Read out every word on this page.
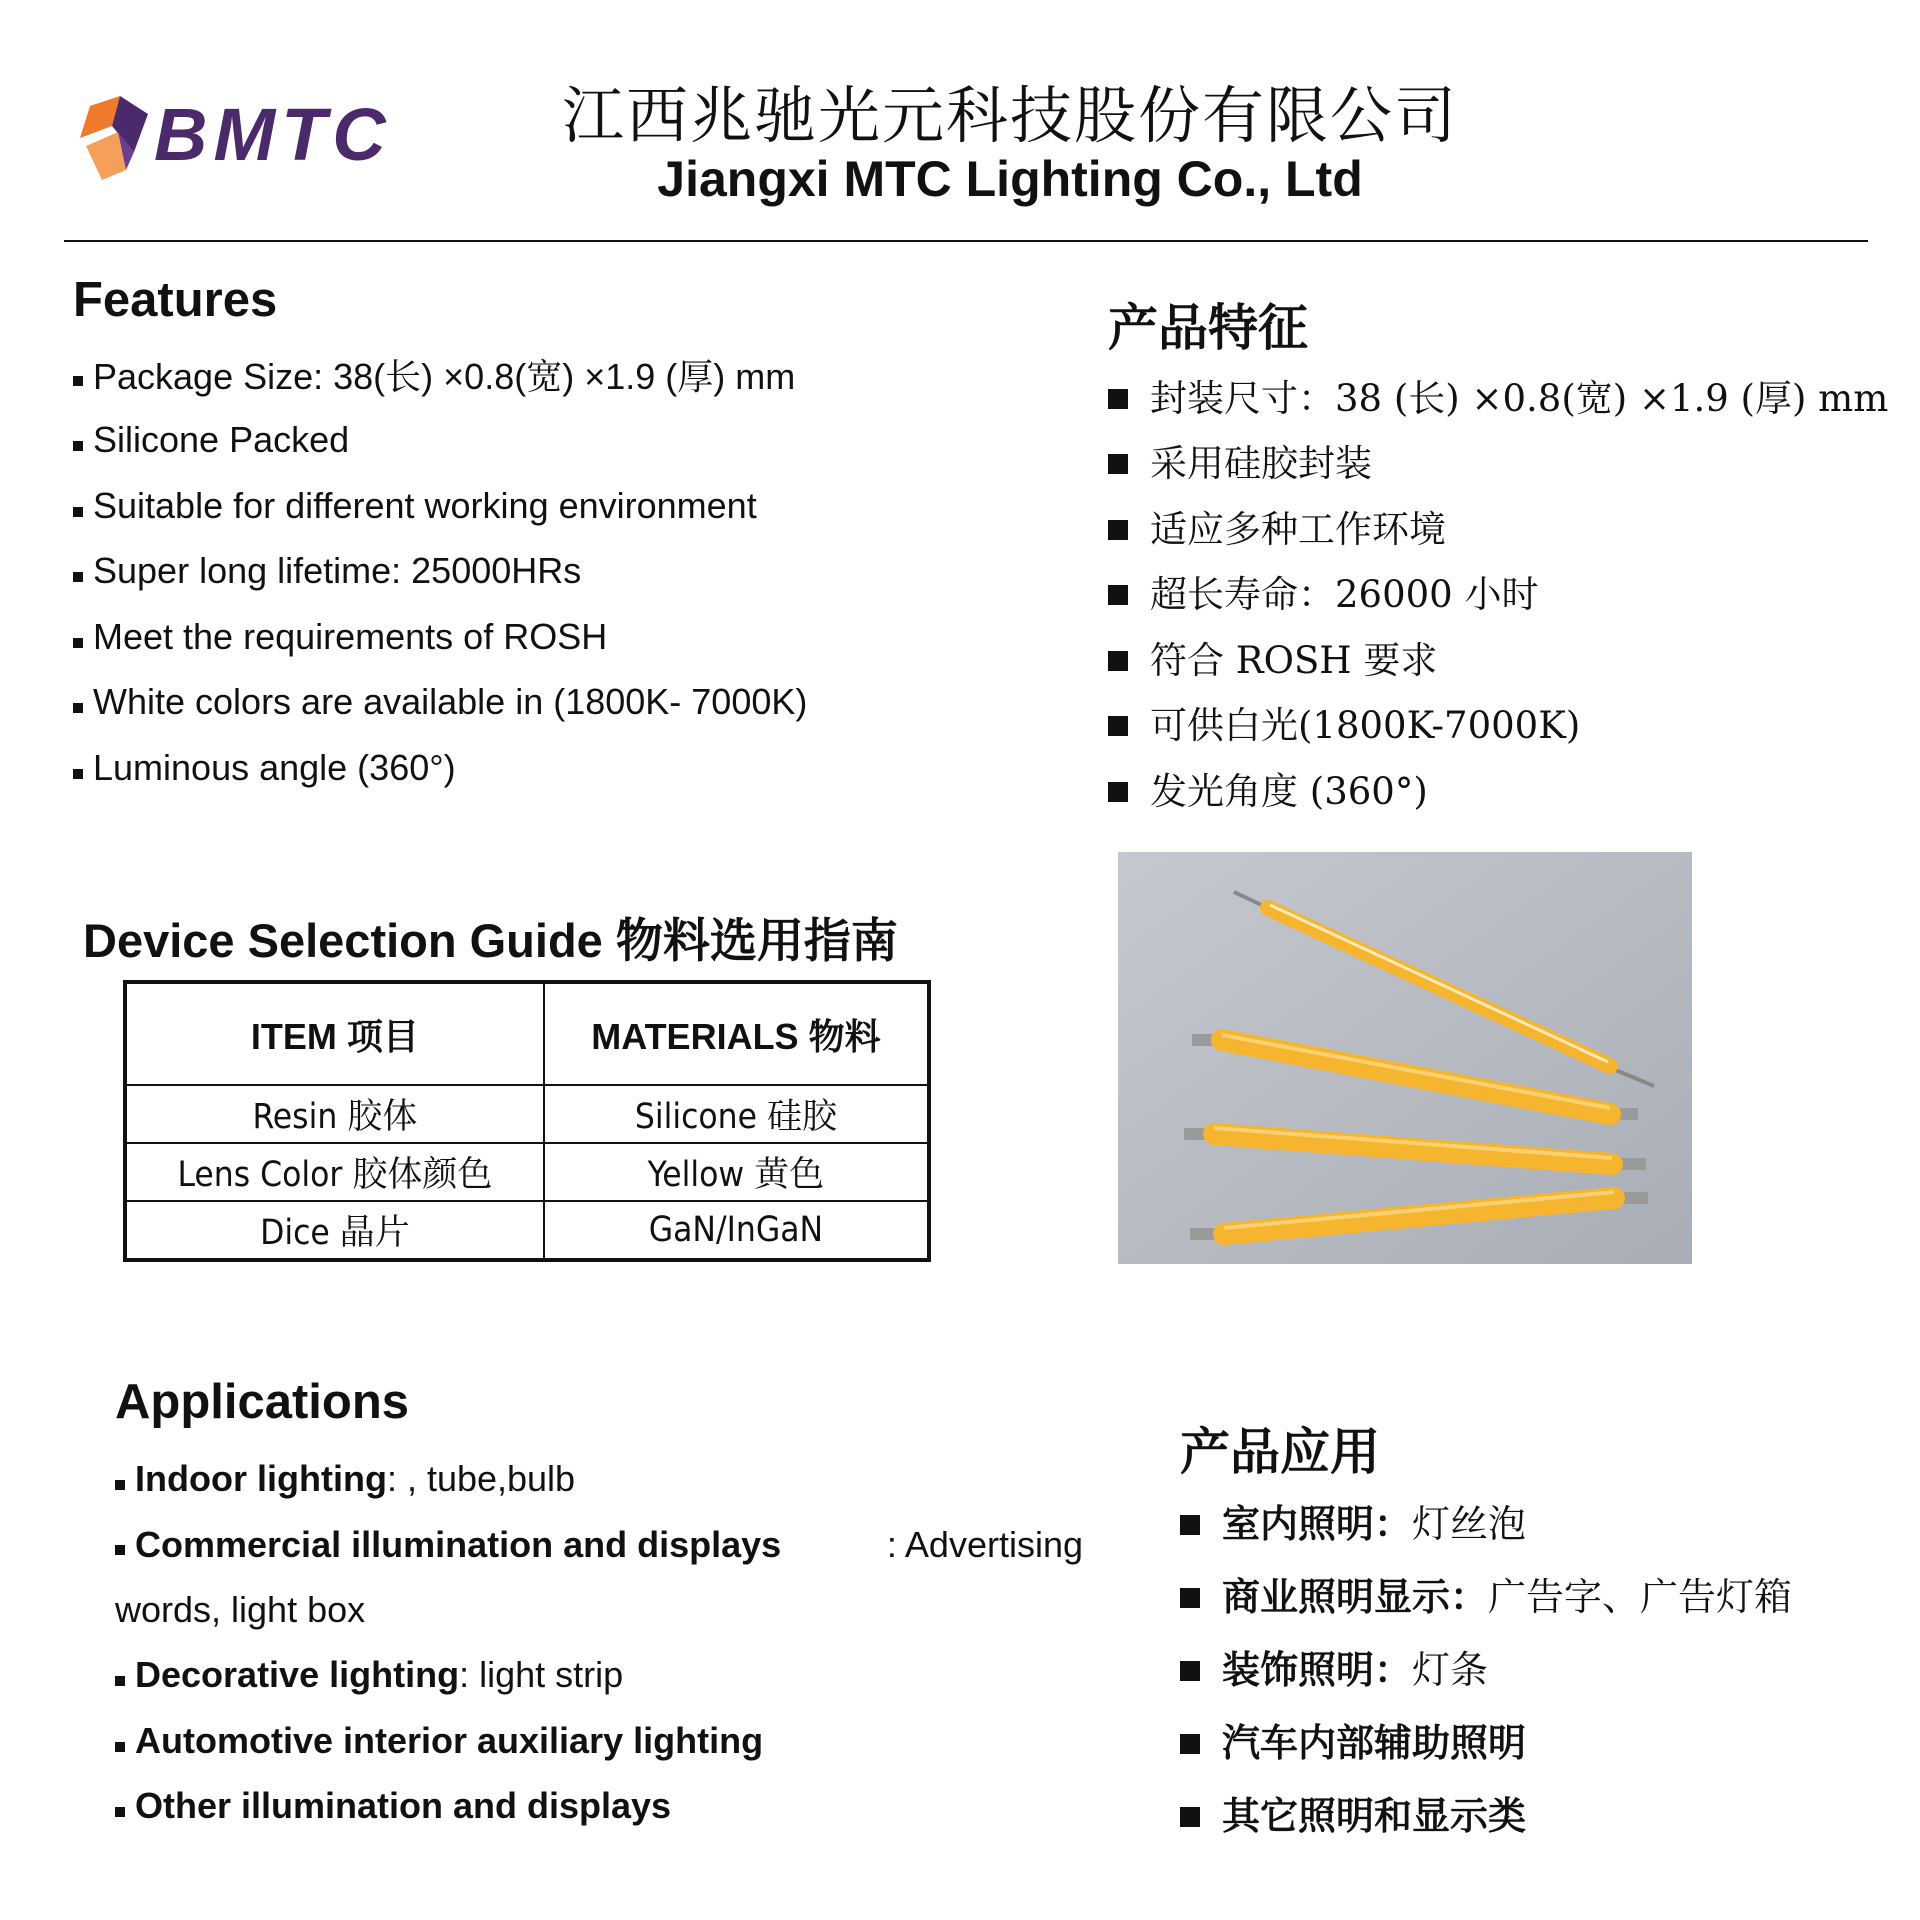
BMTC	江西兆驰光元科技股份有限公司
Jiangxi MTC Lighting Co., Ltd
Features
Package Size: 38(长) ×0.8(宽) ×1.9 (厚) mm
Silicone Packed
Suitable for different working environment
Super long lifetime: 25000HRs
Meet the requirements of ROSH
White colors are available in (1800K- 7000K)
Luminous angle (360°)
产品特征
封装尺寸：38 (长) ×0.8(宽) ×1.9 (厚) mm
采用硅胶封装
适应多种工作环境
超长寿命：26000 小时
符合 ROSH 要求
可供白光(1800K-7000K)
发光角度 (360°)
Device Selection Guide 物料选用指南
ITEM 项目	MATERIALS 物料
Resin 胶体	Silicone 硅胶
Lens Color 胶体颜色	Yellow 黄色
Dice 晶片	GaN/InGaN
Applications
Indoor lighting : , tube,bulb
Commercial illumination and displays	: Advertising
words, light box
Decorative lighting : light strip
Automotive interior auxiliary lighting
Other illumination and displays
产品应用
室内照明： 灯丝泡
商业照明显示： 广告字、广告灯箱
装饰照明： 灯条
汽车内部辅助照明
其它照明和显示类
